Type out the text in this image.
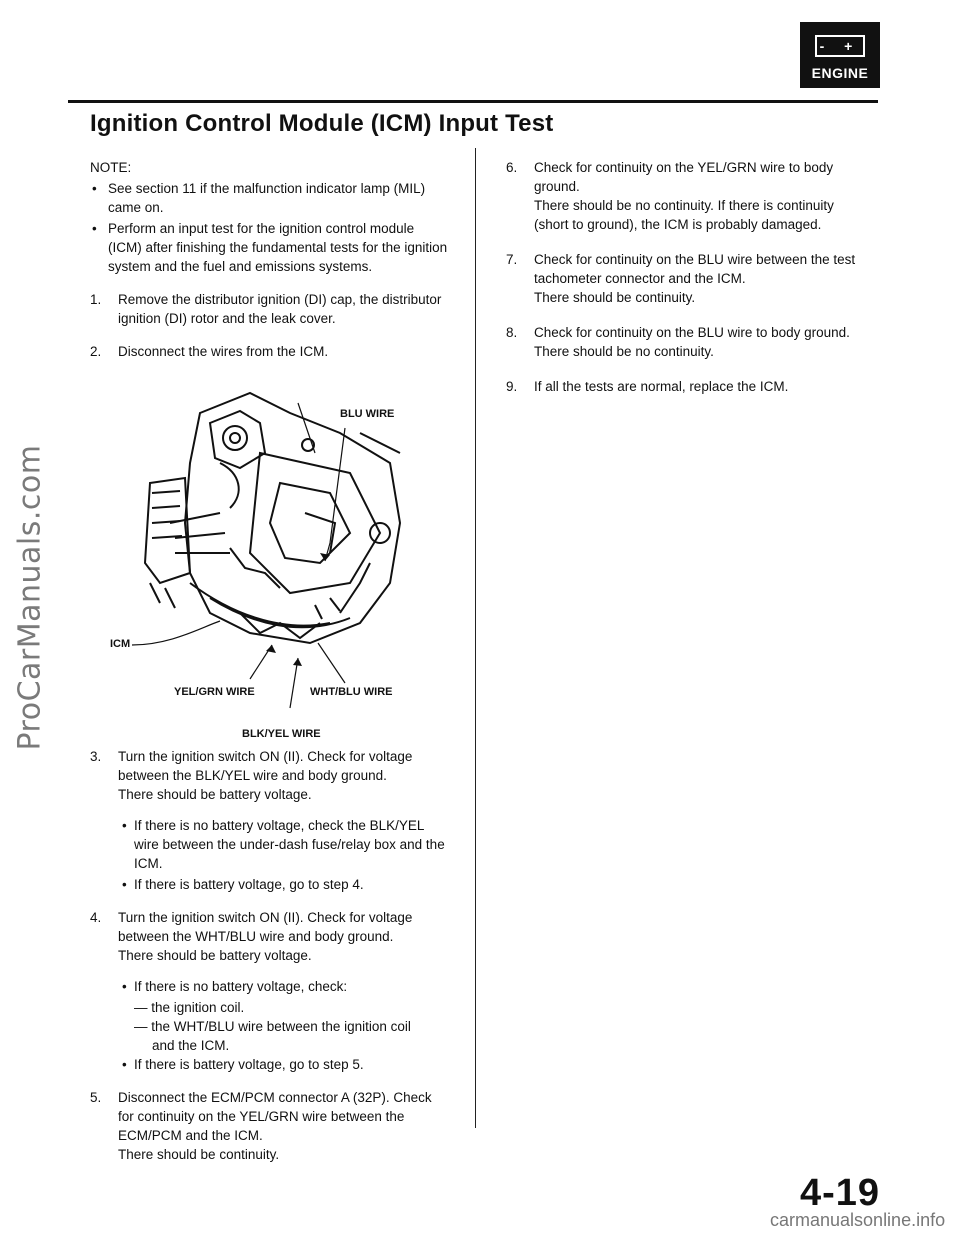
ProCarManuals.com
- +
ENGINE
Ignition Control Module (ICM) Input Test

NOTE:

• See section 11 if the malfunction indicator lamp (MIL) came on.

• Perform an input test for the ignition control module (ICM) after finishing the fundamental tests for the ignition system and the fuel and emissions systems.

1. Remove the distributor ignition (DI) cap, the distributor ignition (DI) rotor and the leak cover.

2. Disconnect the wires from the ICM.

BLU WIRE
ICM
YEL/GRN WIRE	WHT/BLU WIRE
BLK/YEL WIRE
3. Turn the ignition switch ON (II). Check for voltage between the BLK/YEL wire and body ground.

There should be battery voltage.

• If there is no battery voltage, check the BLK/YEL wire between the under-dash fuse/relay box and the ICM.

• If there is battery voltage, go to step 4.

4. Turn the ignition switch ON (II). Check for voltage between the WHT/BLU wire and body ground.

There should be battery voltage.

• If there is no battery voltage, check:

— the ignition coil.

— the WHT/BLU wire between the ignition coil

and the ICM.

• If there is battery voltage, go to step 5.

5. Disconnect the ECM/PCM connector A (32P). Check for continuity on the YEL/GRN wire between the ECM/PCM and the ICM.

There should be continuity.

6. Check for continuity on the YEL/GRN wire to body ground.

There should be no continuity. If there is continuity (short to ground), the ICM is probably damaged.

7. Check for continuity on the BLU wire between the test tachometer connector and the ICM.

There should be continuity.

8. Check for continuity on the BLU wire to body ground.

There should be no continuity.

9. If all the tests are normal, replace the ICM.

4-19
carmanualsonline.info
